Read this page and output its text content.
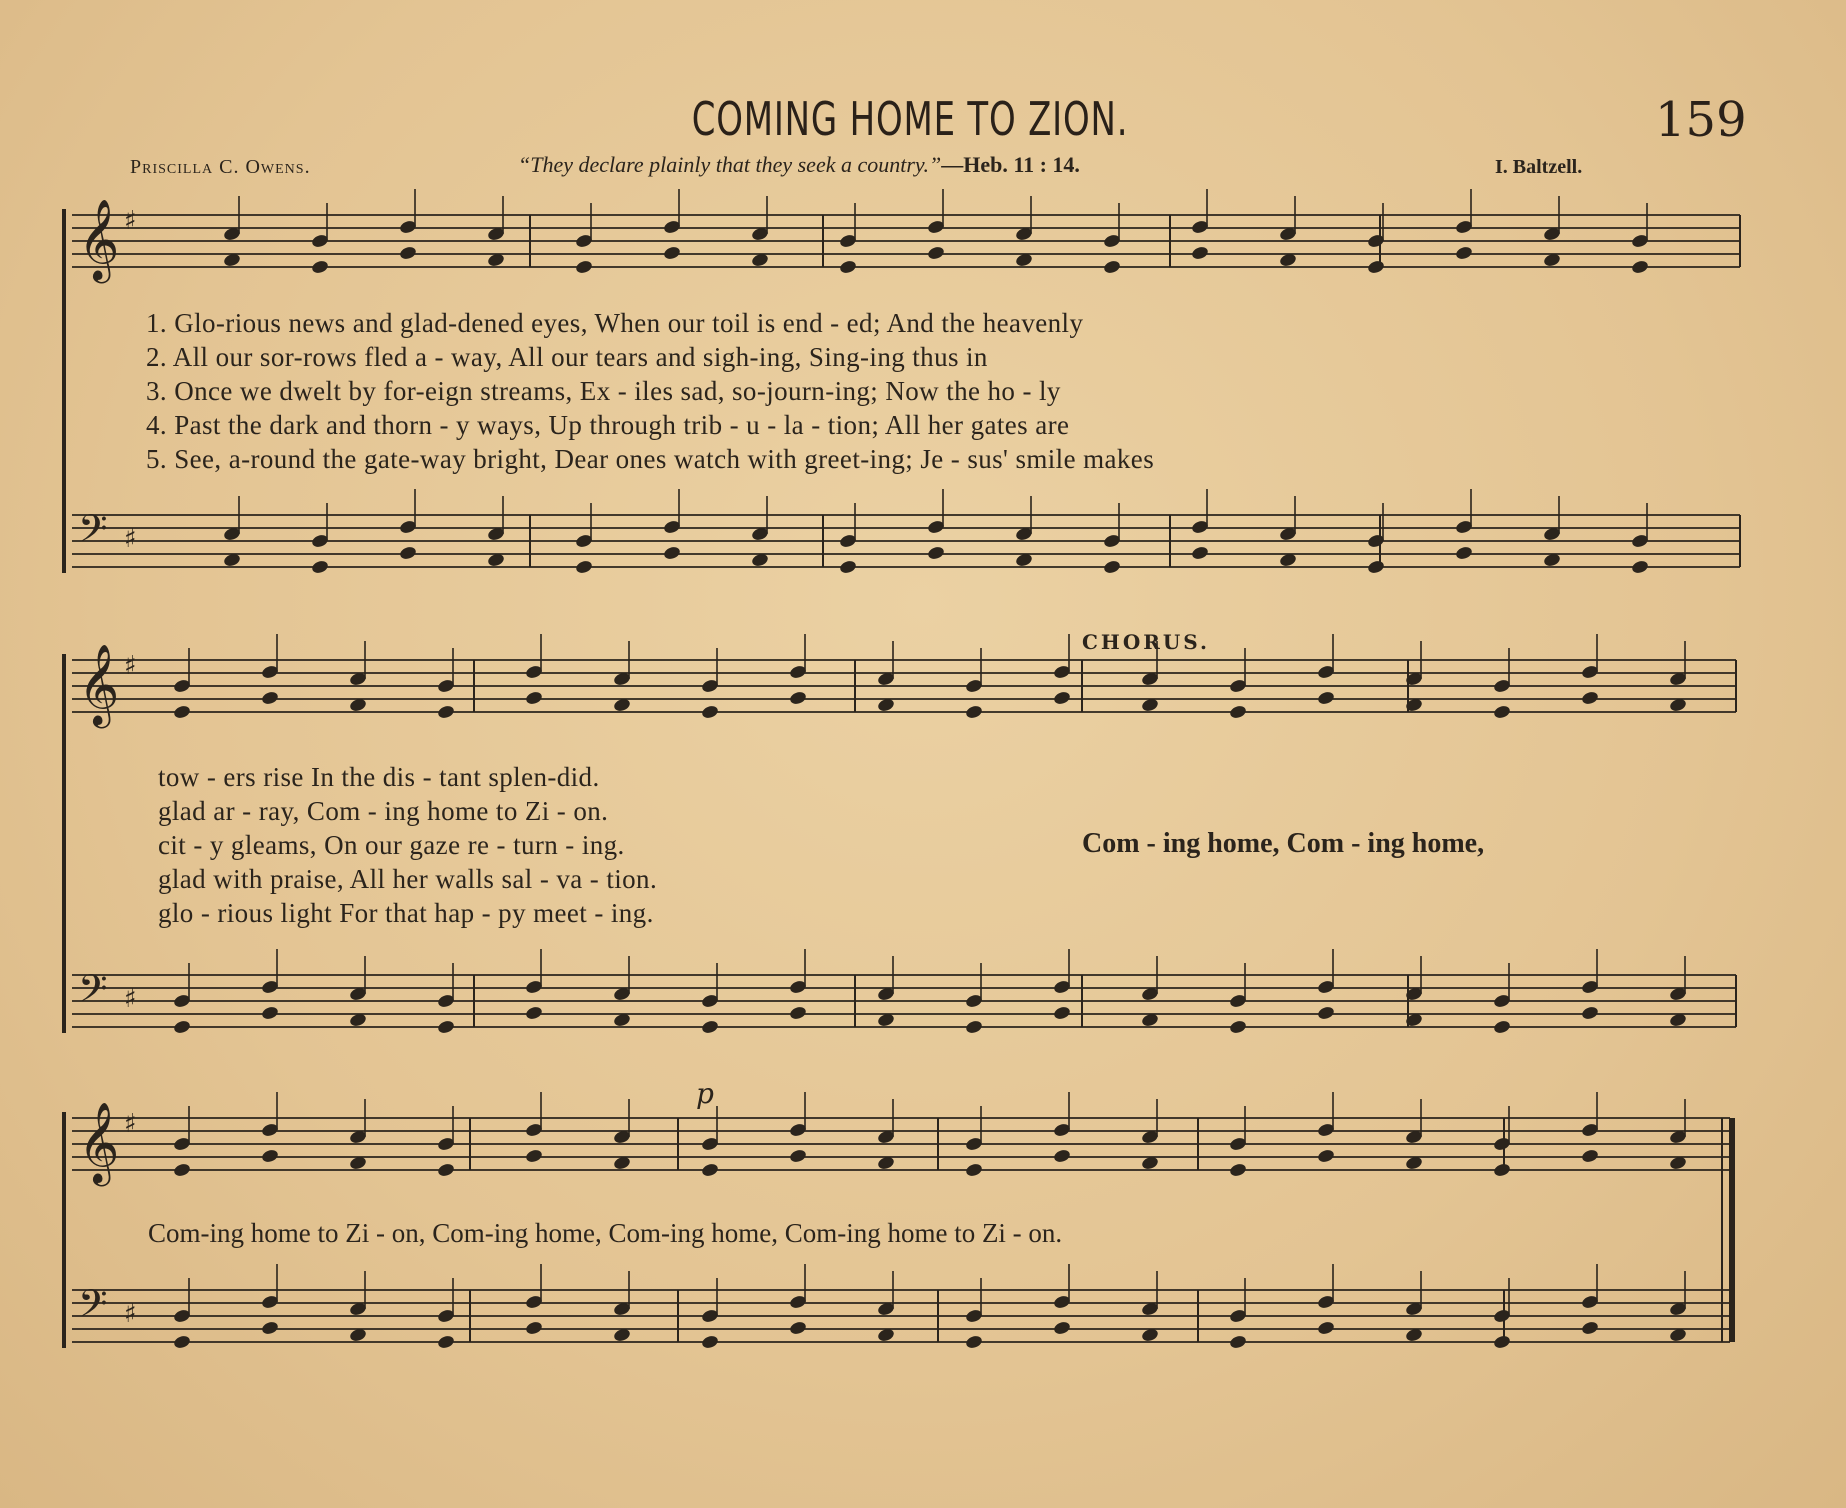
COMING HOME TO ZION.	159
Priscilla C. Owens.	“They declare plainly that they seek a country.”—Heb. 11 : 14.	I. Baltzell.
𝄞 ♯
𝄢 ♯
𝄞 ♯
𝄢 ♯
𝄞 ♯
𝄢 ♯
p
1. Glo-rious news and glad-dened eyes, When our toil is end - ed; And the heavenly
2. All our sor-rows fled a - way, All our tears and sigh-ing, Sing-ing thus in
3. Once we dwelt by for-eign streams, Ex - iles sad, so-journ-ing; Now the ho - ly
4. Past the dark and thorn - y ways, Up through trib - u - la - tion; All her gates are
5. See, a-round the gate-way bright, Dear ones watch with greet-ing; Je - sus' smile makes
tow - ers rise In the dis - tant splen-did.
glad ar - ray, Com - ing home to Zi - on.
cit - y gleams, On our gaze re - turn - ing.
glad with praise, All her walls sal - va - tion.
glo - rious light For that hap - py meet - ing.
CHORUS.
Com - ing home, Com - ing home,
Com-ing home to Zi - on, Com-ing home, Com-ing home, Com-ing home to Zi - on.
